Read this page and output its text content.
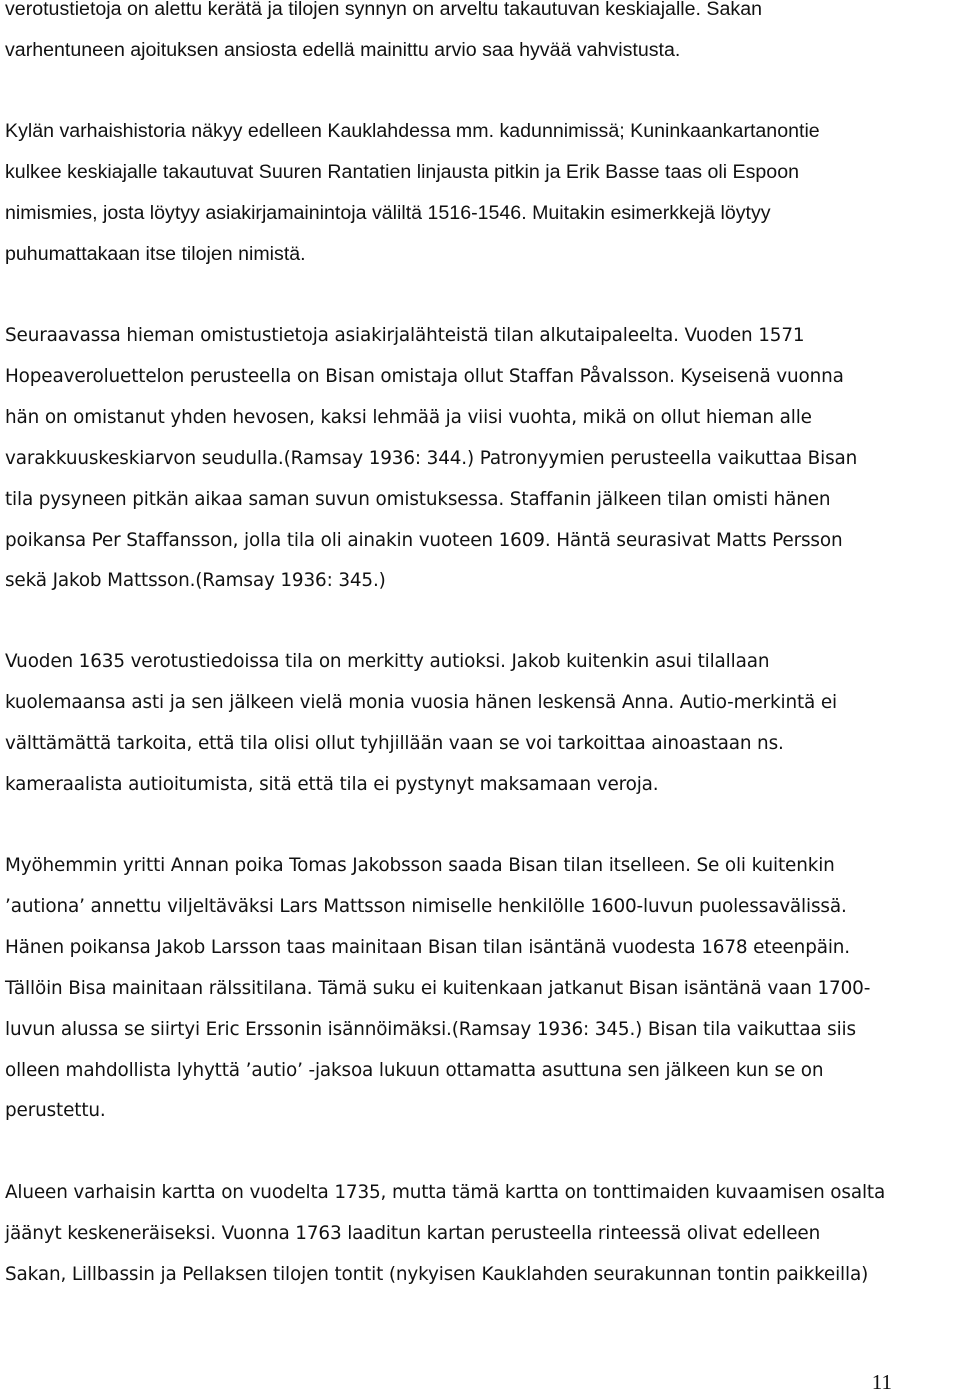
verotustietoja on alettu kerätä ja tilojen synnyn on arveltu takautuvan keskiajalle. Sakan
varhentuneen ajoituksen ansiosta edellä mainittu arvio saa hyvää vahvistusta.

Kylän varhaishistoria näkyy edelleen Kauklahdessa mm. kadunnimissä; Kuninkaankartanontie
kulkee keskiajalle takautuvat Suuren Rantatien linjausta pitkin ja Erik Basse taas oli Espoon
nimismies, josta löytyy asiakirjamainintoja väliltä 1516-1546. Muitakin esimerkkejä löytyy
puhumattakaan itse tilojen nimistä.

Seuraavassa hieman omistustietoja asiakirjalähteistä tilan alkutaipaleelta. Vuoden 1571
Hopeaveroluettelon perusteella on Bisan omistaja ollut Staffan Påvalsson. Kyseisenä vuonna
hän on omistanut yhden hevosen, kaksi lehmää ja viisi vuohta, mikä on ollut hieman alle
varakkuuskeskiarvon seudulla.(Ramsay 1936: 344.) Patronyymien perusteella vaikuttaa Bisan
tila pysyneen pitkän aikaa saman suvun omistuksessa. Staffanin jälkeen tilan omisti hänen
poikansa Per Staffansson, jolla tila oli ainakin vuoteen 1609. Häntä seurasivat Matts Persson
sekä Jakob Mattsson.(Ramsay 1936: 345.)

Vuoden 1635 verotustiedoissa tila on merkitty autioksi. Jakob kuitenkin asui tilallaan
kuolemaansa asti ja sen jälkeen vielä monia vuosia hänen leskensä Anna. Autio-merkintä ei
välttämättä tarkoita, että tila olisi ollut tyhjillään vaan se voi tarkoittaa ainoastaan ns.
kameraalista autioitumista, sitä että tila ei pystynyt maksamaan veroja.

Myöhemmin yritti Annan poika Tomas Jakobsson saada Bisan tilan itselleen. Se oli kuitenkin
’autiona’ annettu viljeltäväksi Lars Mattsson nimiselle henkilölle 1600-luvun puolessavälissä.
Hänen poikansa Jakob Larsson taas mainitaan Bisan tilan isäntänä vuodesta 1678 eteenpäin.
Tällöin Bisa mainitaan rälssitilana. Tämä suku ei kuitenkaan jatkanut Bisan isäntänä vaan 1700-
luvun alussa se siirtyi Eric Erssonin isännöimäksi.(Ramsay 1936: 345.) Bisan tila vaikuttaa siis
olleen mahdollista lyhyttä ’autio’ -jaksoa lukuun ottamatta asuttuna sen jälkeen kun se on
perustettu.

Alueen varhaisin kartta on vuodelta 1735, mutta tämä kartta on tonttimaiden kuvaamisen osalta
jäänyt keskeneräiseksi. Vuonna 1763 laaditun kartan perusteella rinteessä olivat edelleen
Sakan, Lillbassin ja Pellaksen tilojen tontit (nykyisen Kauklahden seurakunnan tontin paikkeilla)

11
